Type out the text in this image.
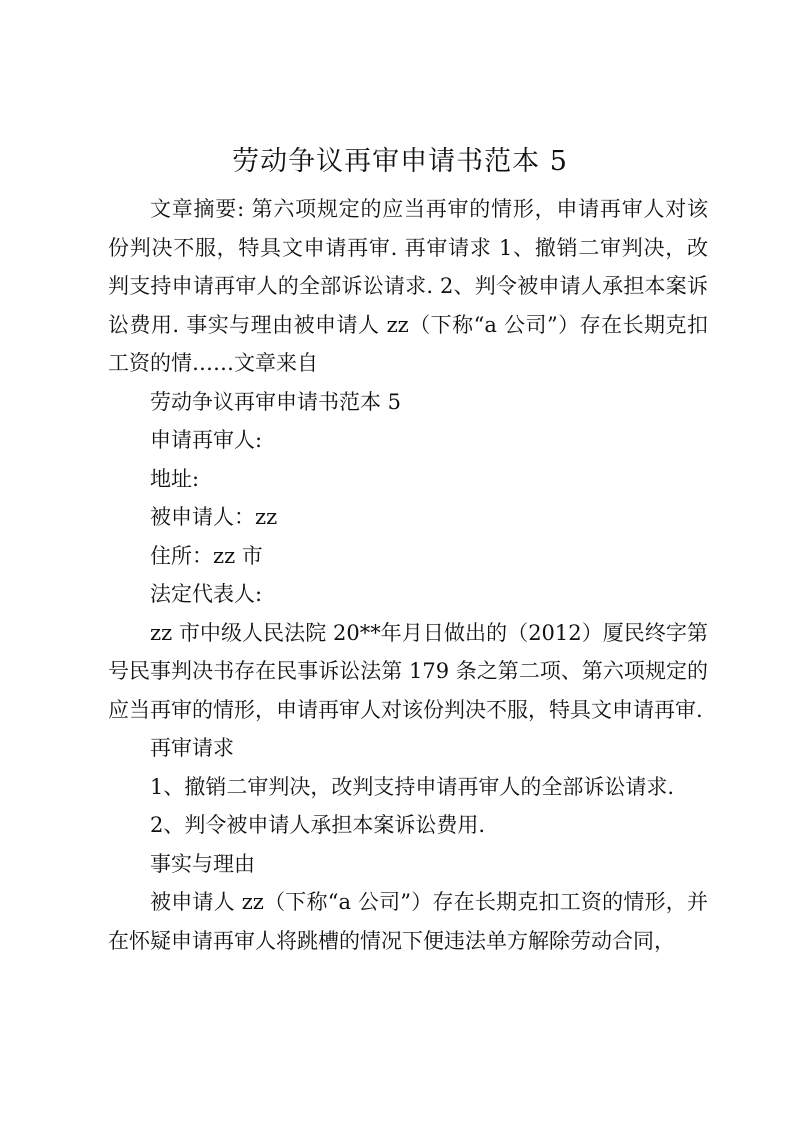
劳动争议再审申请书范本 5

文章摘要: 第六项规定的应当再审的情形，申请再审人对该份判决不服，特具文申请再审. 再审请求 1、撤销二审判决，改判支持申请再审人的全部诉讼请求. 2、判令被申请人承担本案诉讼费用. 事实与理由被申请人 zz（下称“a 公司”）存在长期克扣工资的情……文章来自

劳动争议再审申请书范本 5

申请再审人:

地址:

被申请人：zz

住所：zz 市

法定代表人:

zz 市中级人民法院 20**年月日做出的（2012）厦民终字第号民事判决书存在民事诉讼法第 179 条之第二项、第六项规定的应当再审的情形，申请再审人对该份判决不服，特具文申请再审.

再审请求

1、撤销二审判决，改判支持申请再审人的全部诉讼请求.

2、判令被申请人承担本案诉讼费用.

事实与理由

被申请人 zz（下称“a 公司”）存在长期克扣工资的情形，并在怀疑申请再审人将跳槽的情况下便违法单方解除劳动合同，
